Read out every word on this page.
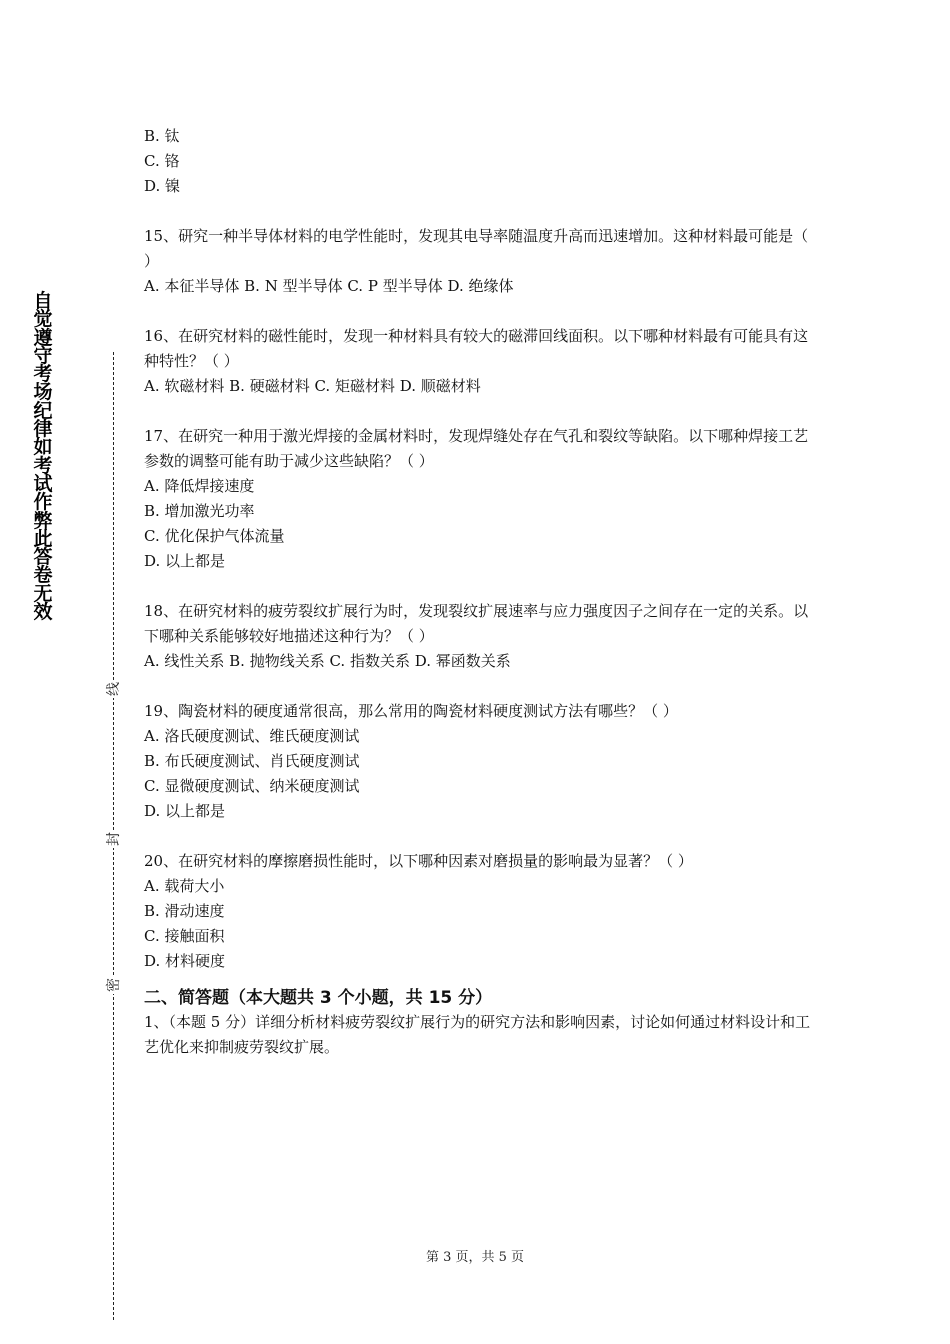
自觉遵守考场纪律如考试作弊此答卷无效
线
封
密

B. 钛

C. 铬

D. 镍

15、研究一种半导体材料的电学性能时，发现其电导率随温度升高而迅速增加。这种材料最可能是（ ）

A. 本征半导体 B. N 型半导体 C. P 型半导体 D. 绝缘体

16、在研究材料的磁性能时，发现一种材料具有较大的磁滞回线面积。以下哪种材料最有可能具有这种特性？（ ）

A. 软磁材料 B. 硬磁材料 C. 矩磁材料 D. 顺磁材料

17、在研究一种用于激光焊接的金属材料时，发现焊缝处存在气孔和裂纹等缺陷。以下哪种焊接工艺参数的调整可能有助于减少这些缺陷？（ ）

A. 降低焊接速度

B. 增加激光功率

C. 优化保护气体流量

D. 以上都是

18、在研究材料的疲劳裂纹扩展行为时，发现裂纹扩展速率与应力强度因子之间存在一定的关系。以下哪种关系能够较好地描述这种行为？（ ）

A. 线性关系 B. 抛物线关系 C. 指数关系 D. 幂函数关系

19、陶瓷材料的硬度通常很高，那么常用的陶瓷材料硬度测试方法有哪些？（ ）

A. 洛氏硬度测试、维氏硬度测试

B. 布氏硬度测试、肖氏硬度测试

C. 显微硬度测试、纳米硬度测试

D. 以上都是

20、在研究材料的摩擦磨损性能时，以下哪种因素对磨损量的影响最为显著？（ ）

A. 载荷大小

B. 滑动速度

C. 接触面积

D. 材料硬度

二、简答题（本大题共 3 个小题，共 15 分）

1、（本题 5 分）详细分析材料疲劳裂纹扩展行为的研究方法和影响因素，讨论如何通过材料设计和工艺优化来抑制疲劳裂纹扩展。

第 3 页，共 5 页
